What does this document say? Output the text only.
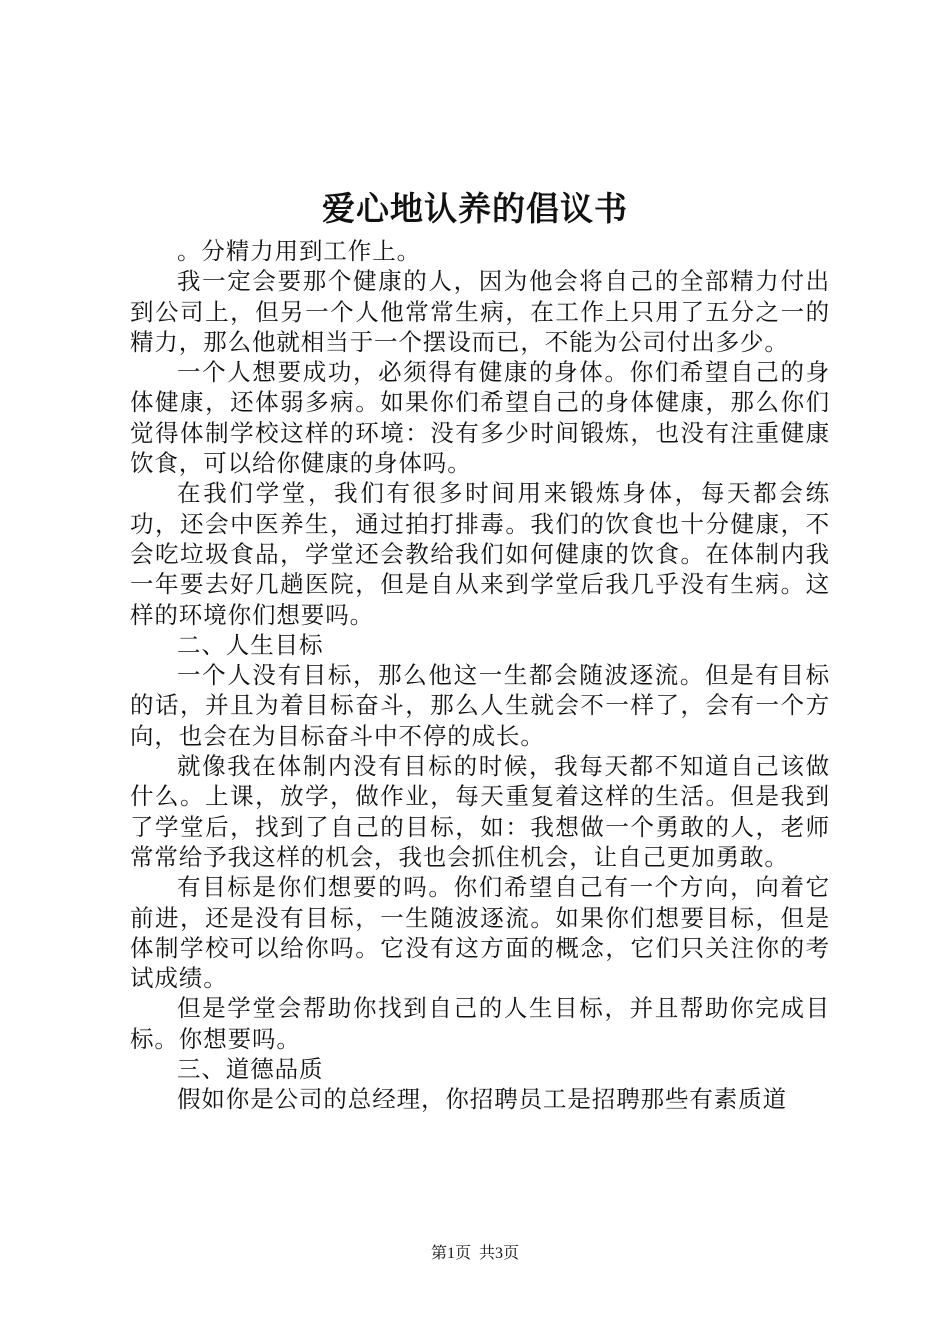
爱心地认养的倡议书

。分精力用到工作上。

我一定会要那个健康的人，因为他会将自己的全部精力付出到公司上，但另一个人他常常生病，在工作上只用了五分之一的精力，那么他就相当于一个摆设而已，不能为公司付出多少。

一个人想要成功，必须得有健康的身体。你们希望自己的身体健康，还体弱多病。如果你们希望自己的身体健康，那么你们觉得体制学校这样的环境：没有多少时间锻炼，也没有注重健康饮食，可以给你健康的身体吗。

在我们学堂，我们有很多时间用来锻炼身体，每天都会练功，还会中医养生，通过拍打排毒。我们的饮食也十分健康，不会吃垃圾食品，学堂还会教给我们如何健康的饮食。在体制内我一年要去好几趟医院，但是自从来到学堂后我几乎没有生病。这样的环境你们想要吗。

二、人生目标

一个人没有目标，那么他这一生都会随波逐流。但是有目标的话，并且为着目标奋斗，那么人生就会不一样了，会有一个方向，也会在为目标奋斗中不停的成长。

就像我在体制内没有目标的时候，我每天都不知道自己该做什么。上课，放学，做作业，每天重复着这样的生活。但是我到了学堂后，找到了自己的目标，如：我想做一个勇敢的人，老师常常给予我这样的机会，我也会抓住机会，让自己更加勇敢。

有目标是你们想要的吗。你们希望自己有一个方向，向着它前进，还是没有目标，一生随波逐流。如果你们想要目标，但是体制学校可以给你吗。它没有这方面的概念，它们只关注你的考试成绩。

但是学堂会帮助你找到自己的人生目标，并且帮助你完成目标。你想要吗。

三、道德品质

假如你是公司的总经理，你招聘员工是招聘那些有素质道

第1页 共3页
